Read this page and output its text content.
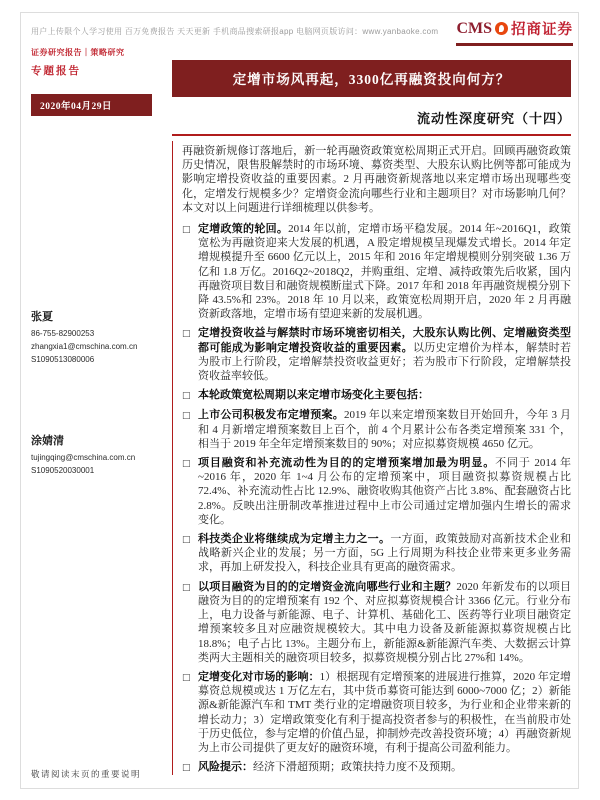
用户上传限个人学习使用 百万免费报告 天天更新 手机商品搜索研报app 电脑网页版访问：www.yanbaoke.com	CMS 招商证券
证券研究报告｜策略研究
专题报告
2020年04月29日
张夏
86-755-82900253
zhangxia1@cmschina.com.cn
S1090513080006
涂婧清
tujingqing@cmschina.com.cn
S1090520030001
定增市场风再起，3300亿再融资投向何方？
流动性深度研究（十四）

再融资新规修订落地后，新一轮再融资政策宽松周期正式开启。回顾再融资政策历史情况，限售股解禁时的市场环境、募资类型、大股东认购比例等都可能成为影响定增投资收益的重要因素。2 月再融资新规落地以来定增市场出现哪些变化，定增发行规模多少？定增资金流向哪些行业和主题项目？对市场影响几何？本文对以上问题进行详细梳理以供参考。

□ 定增政策的轮回。2014 年以前，定增市场平稳发展。2014 年~2016Q1，政策宽松为再融资迎来大发展的机遇，A 股定增规模呈现爆发式增长。2014 年定增规模提升至 6600 亿元以上，2015 年和 2016 年定增规模则分别突破 1.36 万亿和 1.8 万亿。2016Q2~2018Q2，并购重组、定增、减持政策先后收紧，国内再融资项目数目和融资规模断崖式下降。2017 年和 2018 年再融资规模分别下降 43.5%和 23%。2018 年 10 月以来，政策宽松周期开启，2020 年 2 月再融资新政落地，定增市场有望迎来新的发展机遇。
□ 定增投资收益与解禁时市场环境密切相关，大股东认购比例、定增融资类型都可能成为影响定增投资收益的重要因素。以历史定增价为样本，解禁时若为股市上行阶段，定增解禁投资收益更好；若为股市下行阶段，定增解禁投资收益率较低。
□ 本轮政策宽松周期以来定增市场变化主要包括：
□ 上市公司积极发布定增预案。2019 年以来定增预案数目开始回升，今年 3 月和 4 月新增定增预案数目上百个，前 4 个月累计公布各类定增预案 331 个，相当于 2019 年全年定增预案数目的 90%；对应拟募资规模 4650 亿元。
□ 项目融资和补充流动性为目的的定增预案增加最为明显。不同于 2014 年~2016 年，2020 年 1~4 月公布的定增预案中，项目融资拟募资规模占比 72.4%、补充流动性占比 12.9%、融资收购其他资产占比 3.8%、配套融资占比 2.8%。反映出注册制改革推进过程中上市公司通过定增加强内生增长的需求变化。
□ 科技类企业将继续成为定增主力之一。一方面，政策鼓励对高新技术企业和战略新兴企业的发展；另一方面，5G 上行周期为科技企业带来更多业务需求，再加上研发投入，科技企业具有更高的融资需求。
□ 以项目融资为目的的定增资金流向哪些行业和主题？2020 年新发布的以项目融资为目的的定增预案有 192 个、对应拟募资规模合计 3366 亿元。行业分布上，电力设备与新能源、电子、计算机、基础化工、医药等行业项目融资定增预案较多且对应融资规模较大。其中电力设备及新能源拟募资规模占比 18.8%；电子占比 13%。主题分布上，新能源&新能源汽车类、大数据云计算类两大主题相关的融资项目较多，拟募资规模分别占比 27%和 14%。
□ 定增变化对市场的影响：1）根据现有定增预案的进展进行推算，2020 年定增募资总规模或达 1 万亿左右，其中货币募资可能达到 6000~7000 亿；2）新能源&新能源汽车和 TMT 类行业的定增融资项目较多，为行业和企业带来新的增长动力；3）定增政策变化有利于提高投资者参与的积极性，在当前股市处于历史低位，参与定增的价值凸显，抑制炒壳改善投资环境；4）再融资新规为上市公司提供了更友好的融资环境，有利于提高公司盈利能力。
□ 风险提示：经济下滑超预期；政策扶持力度不及预期。
敬请阅读末页的重要说明
